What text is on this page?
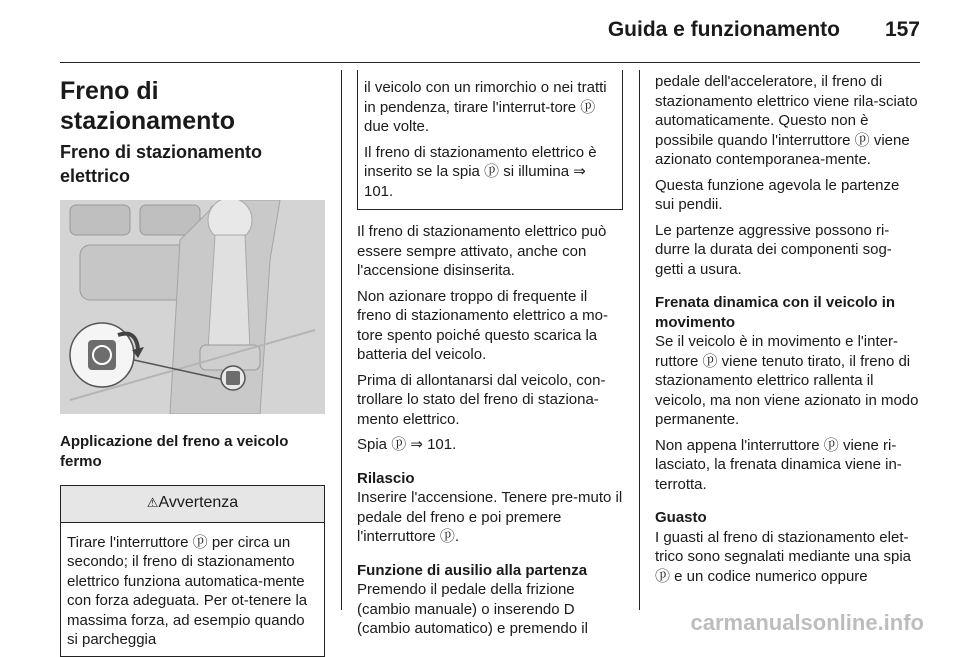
Guida e funzionamento 157
Freno di stazionamento
Freno di stazionamento elettrico

Applicazione del freno a veicolo fermo

⚠Avvertenza
Tirare l'interruttore ⓟ per circa un secondo; il freno di stazionamento elettrico funziona automatica-mente con forza adeguata. Per ot-tenere la massima forza, ad esempio quando si parcheggia

il veicolo con un rimorchio o nei tratti in pendenza, tirare l'interrut-tore ⓟ due volte.

Il freno di stazionamento elettrico è inserito se la spia ⓟ si illumina ⇒ 101.

Il freno di stazionamento elettrico può essere sempre attivato, anche con l'accensione disinserita.

Non azionare troppo di frequente il freno di stazionamento elettrico a mo-tore spento poiché questo scarica la batteria del veicolo.

Prima di allontanarsi dal veicolo, con-trollare lo stato del freno di staziona-mento elettrico.

Spia ⓟ ⇒ 101.

Rilascio

Inserire l'accensione. Tenere pre-muto il pedale del freno e poi premere l'interruttore ⓟ.

Funzione di ausilio alla partenza

Premendo il pedale della frizione (cambio manuale) o inserendo D (cambio automatico) e premendo il

pedale dell'acceleratore, il freno di stazionamento elettrico viene rila-sciato automaticamente. Questo non è possibile quando l'interruttore ⓟ viene azionato contemporanea-mente.

Questa funzione agevola le partenze sui pendii.

Le partenze aggressive possono ri-durre la durata dei componenti sog-getti a usura.

Frenata dinamica con il veicolo in movimento

Se il veicolo è in movimento e l'inter-ruttore ⓟ viene tenuto tirato, il freno di stazionamento elettrico rallenta il veicolo, ma non viene azionato in modo permanente.

Non appena l'interruttore ⓟ viene ri-lasciato, la frenata dinamica viene in-terrotta.

Guasto

I guasti al freno di stazionamento elet-trico sono segnalati mediante una spia ⓟ e un codice numerico oppure

carmanualsonline.info
